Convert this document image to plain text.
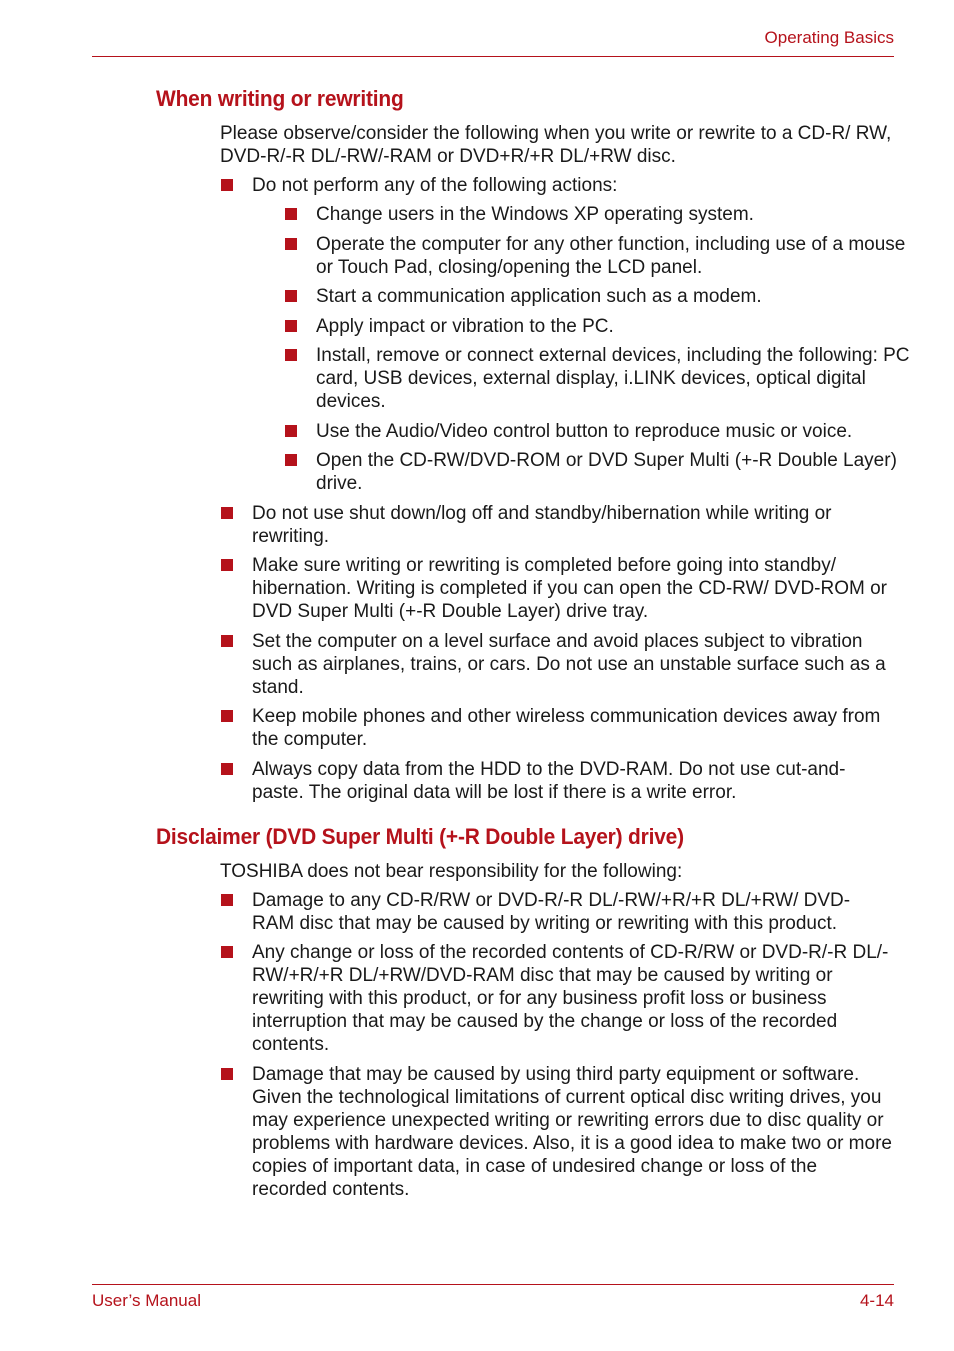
Operating Basics
When writing or rewriting

Please observe/consider the following when you write or rewrite to a CD-R/ RW, DVD-R/-R DL/-RW/-RAM or DVD+R/+R DL/+RW disc.

Do not perform any of the following actions:
Change users in the Windows XP operating system.
Operate the computer for any other function, including use of a mouse or Touch Pad, closing/opening the LCD panel.
Start a communication application such as a modem.
Apply impact or vibration to the PC.
Install, remove or connect external devices, including the following: PC card, USB devices, external display, i.LINK devices, optical digital devices.
Use the Audio/Video control button to reproduce music or voice.
Open the CD-RW/DVD-ROM or DVD Super Multi (+-R Double Layer) drive.
Do not use shut down/log off and standby/hibernation while writing or rewriting.
Make sure writing or rewriting is completed before going into standby/ hibernation. Writing is completed if you can open the CD-RW/ DVD-ROM or DVD Super Multi (+-R Double Layer) drive tray.
Set the computer on a level surface and avoid places subject to vibration such as airplanes, trains, or cars. Do not use an unstable surface such as a stand.
Keep mobile phones and other wireless communication devices away from the computer.
Always copy data from the HDD to the DVD-RAM. Do not use cut-and-paste. The original data will be lost if there is a write error.
Disclaimer (DVD Super Multi (+-R Double Layer) drive)

TOSHIBA does not bear responsibility for the following:

Damage to any CD-R/RW or DVD-R/-R DL/-RW/+R/+R DL/+RW/ DVD-RAM disc that may be caused by writing or rewriting with this product.
Any change or loss of the recorded contents of CD-R/RW or DVD-R/-R DL/-RW/+R/+R DL/+RW/DVD-RAM disc that may be caused by writing or rewriting with this product, or for any business profit loss or business interruption that may be caused by the change or loss of the recorded contents.
Damage that may be caused by using third party equipment or software. Given the technological limitations of current optical disc writing drives, you may experience unexpected writing or rewriting errors due to disc quality or problems with hardware devices. Also, it is a good idea to make two or more copies of important data, in case of undesired change or loss of the recorded contents.
User’s Manual	4-14
